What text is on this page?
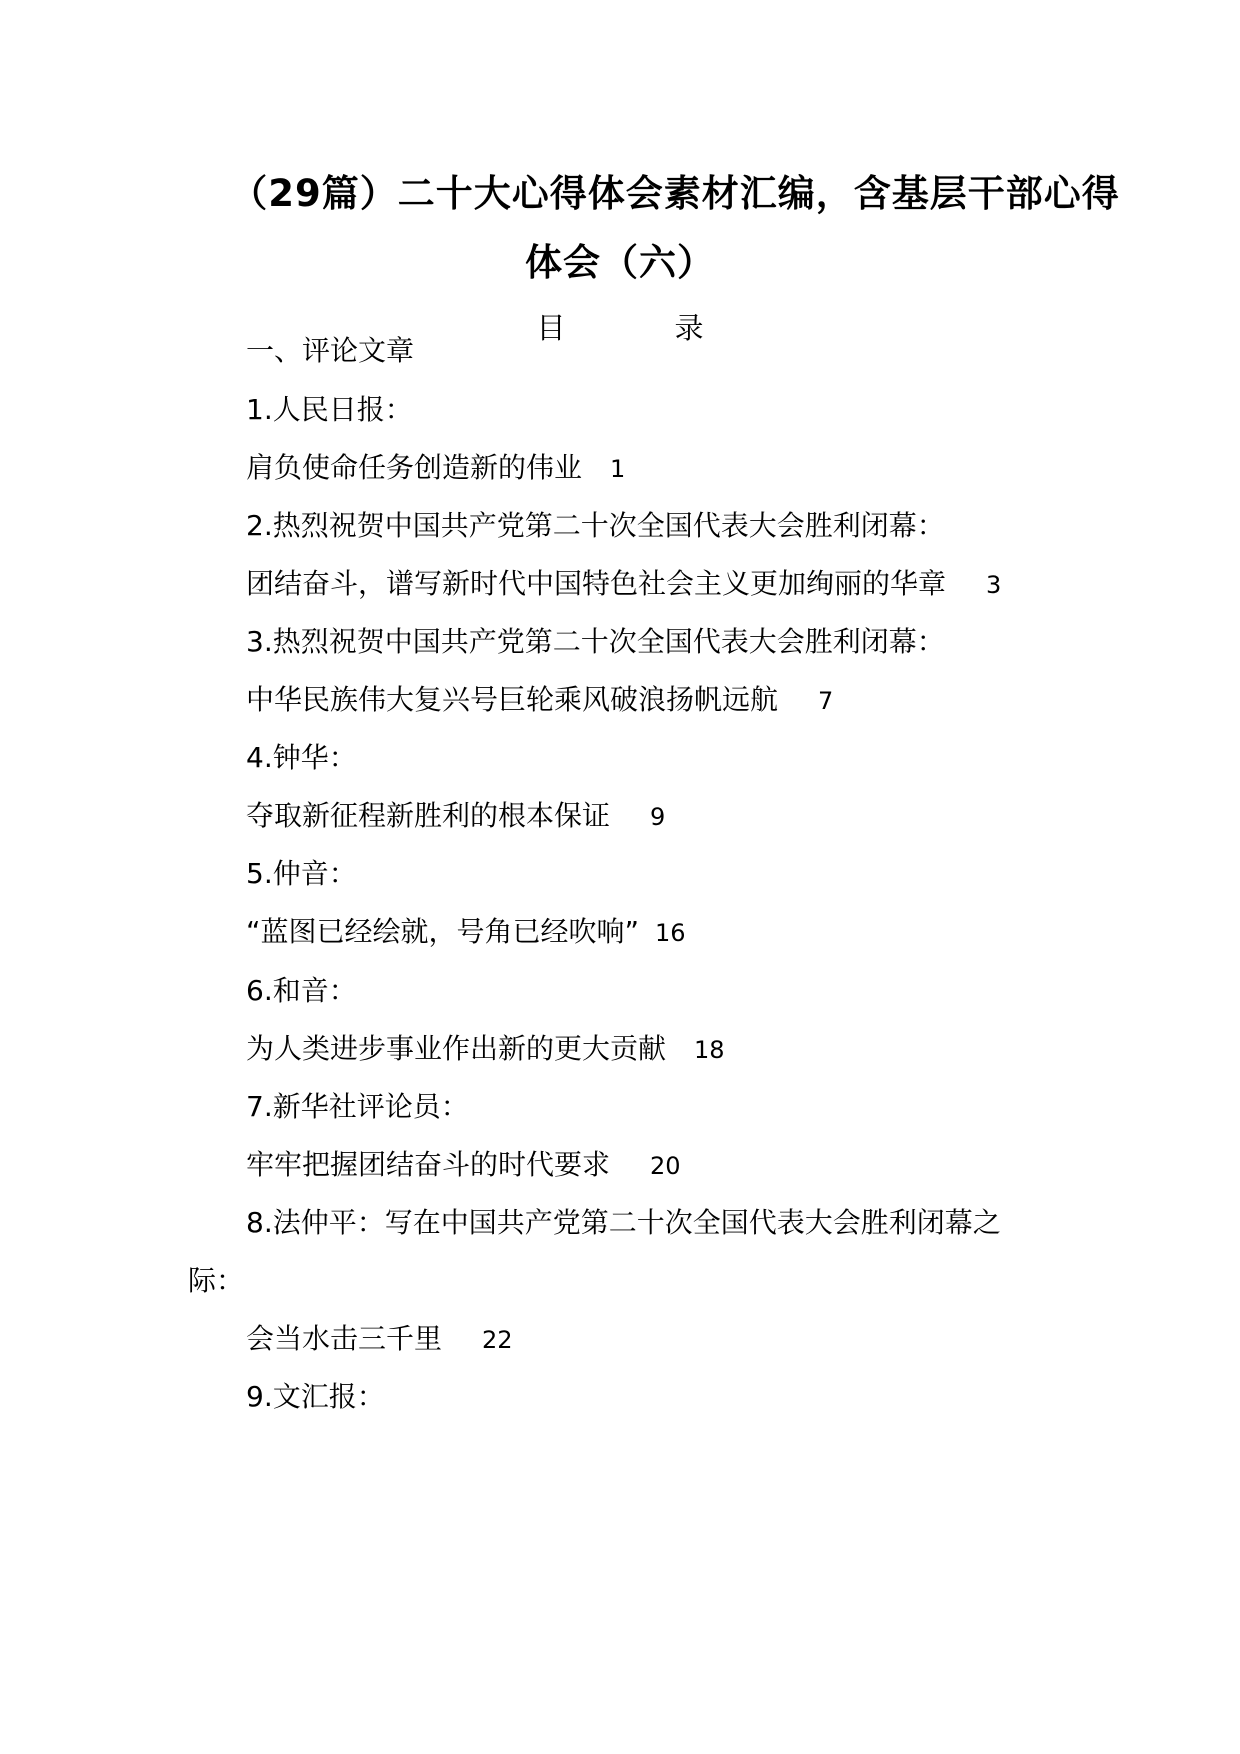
（29篇）二十大心得体会素材汇编，含基层干部心得
体会（六）
目　录
一、评论文章
1.人民日报：
肩负使命任务创造新的伟业 1
2.热烈祝贺中国共产党第二十次全国代表大会胜利闭幕：
团结奋斗，谱写新时代中国特色社会主义更加绚丽的华章 3
3.热烈祝贺中国共产党第二十次全国代表大会胜利闭幕：
中华民族伟大复兴号巨轮乘风破浪扬帆远航 7
4.钟华：
夺取新征程新胜利的根本保证 9
5.仲音：
“蓝图已经绘就，号角已经吹响” 16
6.和音：
为人类进步事业作出新的更大贡献 18
7.新华社评论员：
牢牢把握团结奋斗的时代要求 20
8.法仲平：写在中国共产党第二十次全国代表大会胜利闭幕之
际：
会当水击三千里 22
9.文汇报：
